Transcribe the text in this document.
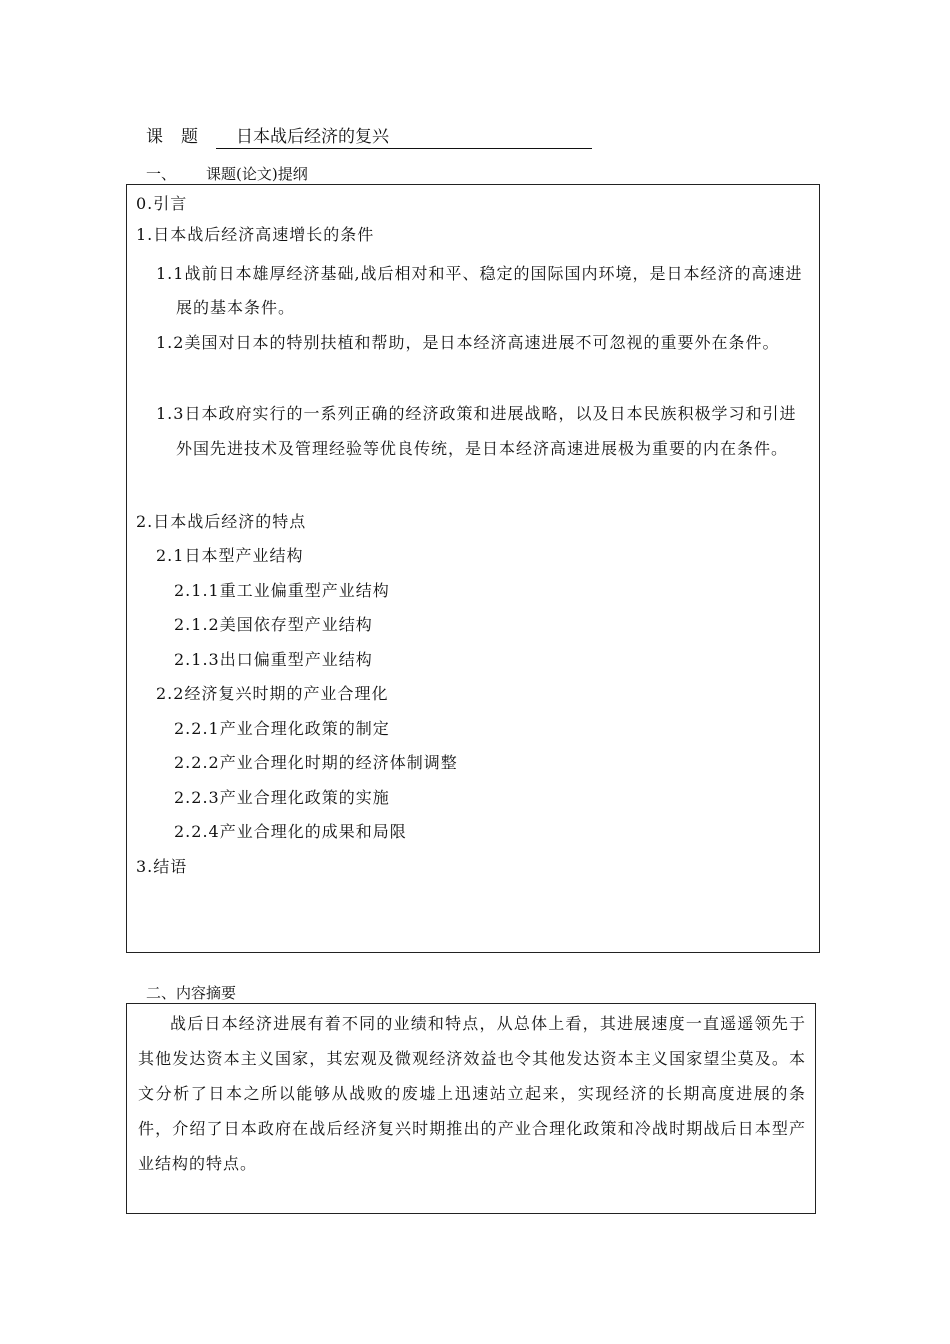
课题 日本战后经济的复兴
一、 课题(论文)提纲
0.引言
1.日本战后经济高速增长的条件
1.1战前日本雄厚经济基础,战后相对和平、稳定的国际国内环境，是日本经济的高速进展的基本条件。
1.2美国对日本的特别扶植和帮助，是日本经济高速进展不可忽视的重要外在条件。
1.3日本政府实行的一系列正确的经济政策和进展战略，以及日本民族积极学习和引进外国先进技术及管理经验等优良传统，是日本经济高速进展极为重要的内在条件。
2.日本战后经济的特点
2.1日本型产业结构
2.1.1重工业偏重型产业结构
2.1.2美国依存型产业结构
2.1.3出口偏重型产业结构
2.2经济复兴时期的产业合理化
2.2.1产业合理化政策的制定
2.2.2产业合理化时期的经济体制调整
2.2.3产业合理化政策的实施
2.2.4产业合理化的成果和局限
3.结语
二、内容摘要

战后日本经济进展有着不同的业绩和特点，从总体上看，其进展速度一直遥遥领先于其他发达资本主义国家，其宏观及微观经济效益也令其他发达资本主义国家望尘莫及。本文分析了日本之所以能够从战败的废墟上迅速站立起来，实现经济的长期高度进展的条件，介绍了日本政府在战后经济复兴时期推出的产业合理化政策和冷战时期战后日本型产业结构的特点。
